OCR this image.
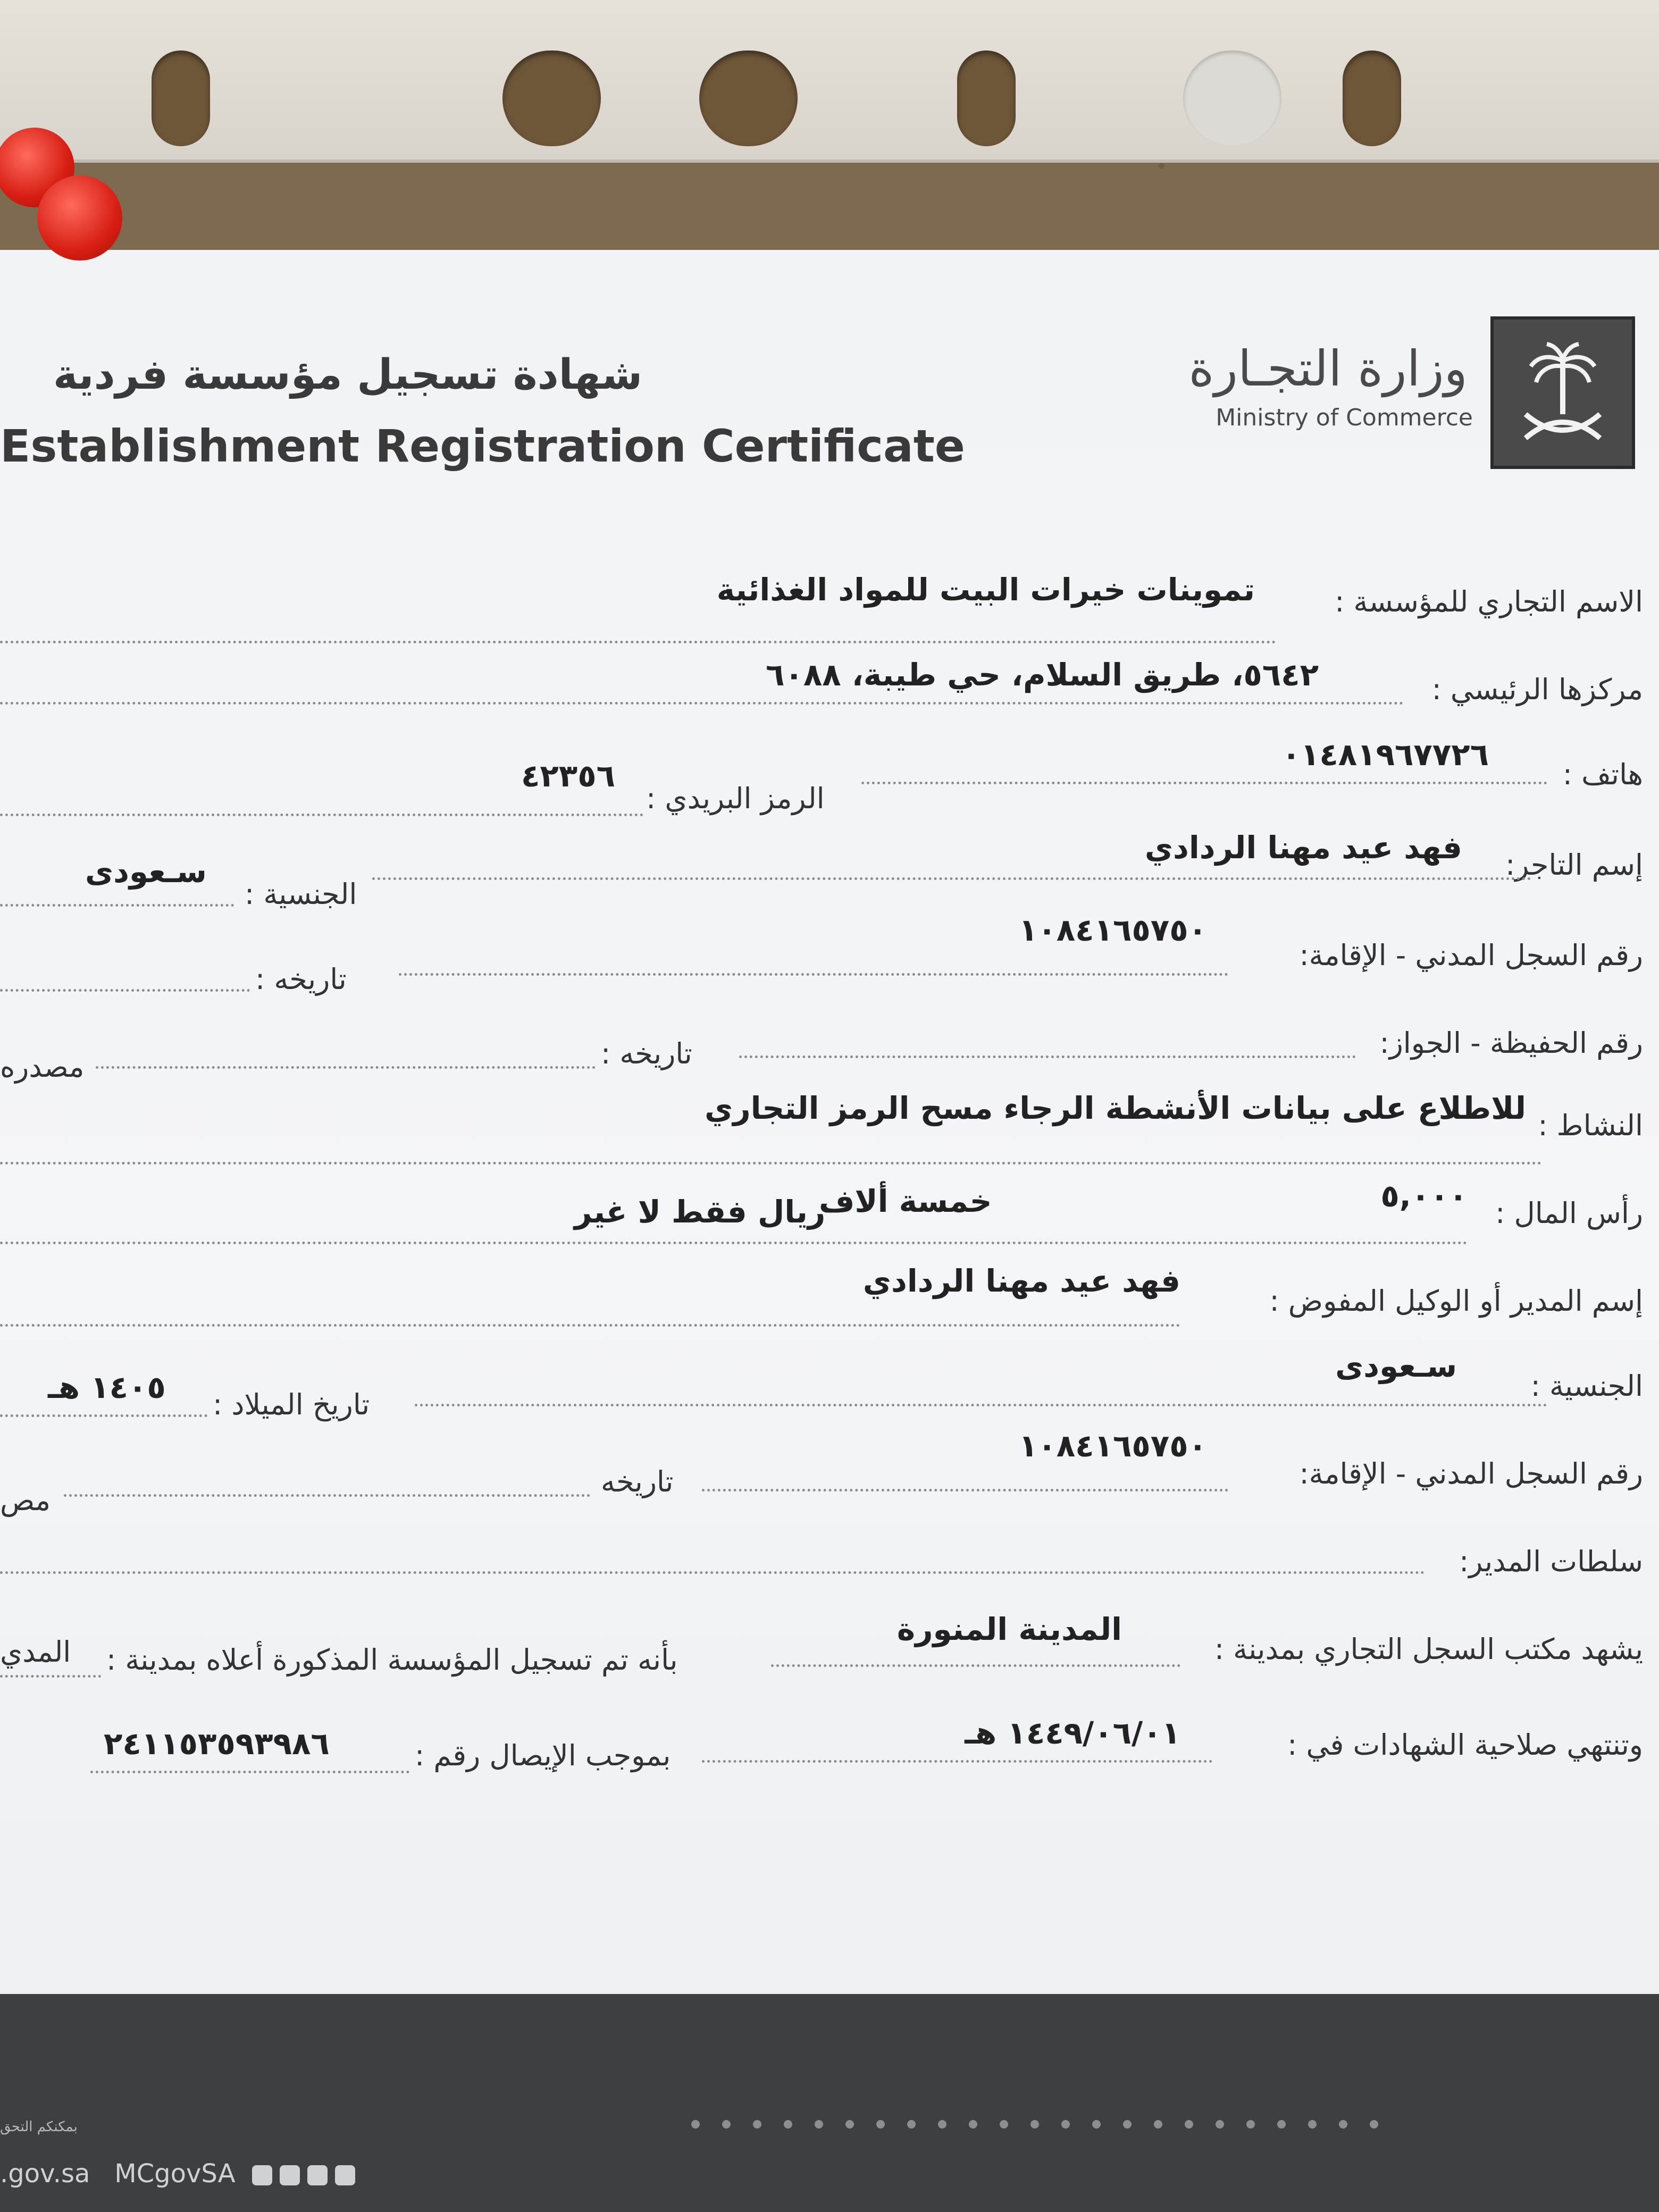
وزارة التجـارة
Ministry of Commerce
شهادة تسجيل مؤسسة فردية
Establishment Registration Certificate
الاسم التجاري للمؤسسة :
تموينات خيرات البيت للمواد الغذائية
مركزها الرئيسي :
٥٦٤٢، طريق السلام، حي طيبة، ٦٠٨٨
هاتف :
٠١٤٨١٩٦٧٧٢٦
الرمز البريدي :
٤٢٣٥٦
إسم التاجر:
فهد عيد مهنا الردادي
الجنسية :
سـعودى
رقم السجل المدني - الإقامة:
١٠٨٤١٦٥٧٥٠
تاريخه :
رقم الحفيظة - الجواز:
تاريخه :
مصدره
النشاط :
للاطلاع على بيانات الأنشطة الرجاء مسح الرمز التجاري
رأس المال :
٥,٠٠٠
خمسة ألاف
ريال فقط لا غير
إسم المدير أو الوكيل المفوض :
فهد عيد مهنا الردادي
الجنسية :
سـعودى
تاريخ الميلاد :
١٤٠٥ هـ
رقم السجل المدني - الإقامة:
١٠٨٤١٦٥٧٥٠
تاريخه
مص
سلطات المدير:
يشهد مكتب السجل التجاري بمدينة :
المدينة المنورة
بأنه تم تسجيل المؤسسة المذكورة أعلاه بمدينة :
المدي
وتنتهي صلاحية الشهادات في :
١٤٤٩/٠٦/٠١ هـ
بموجب الإيصال رقم :
٢٤١١٥٣٥٩٣٩٨٦
بمكنكم التحق
.gov.sa MCgovSA
